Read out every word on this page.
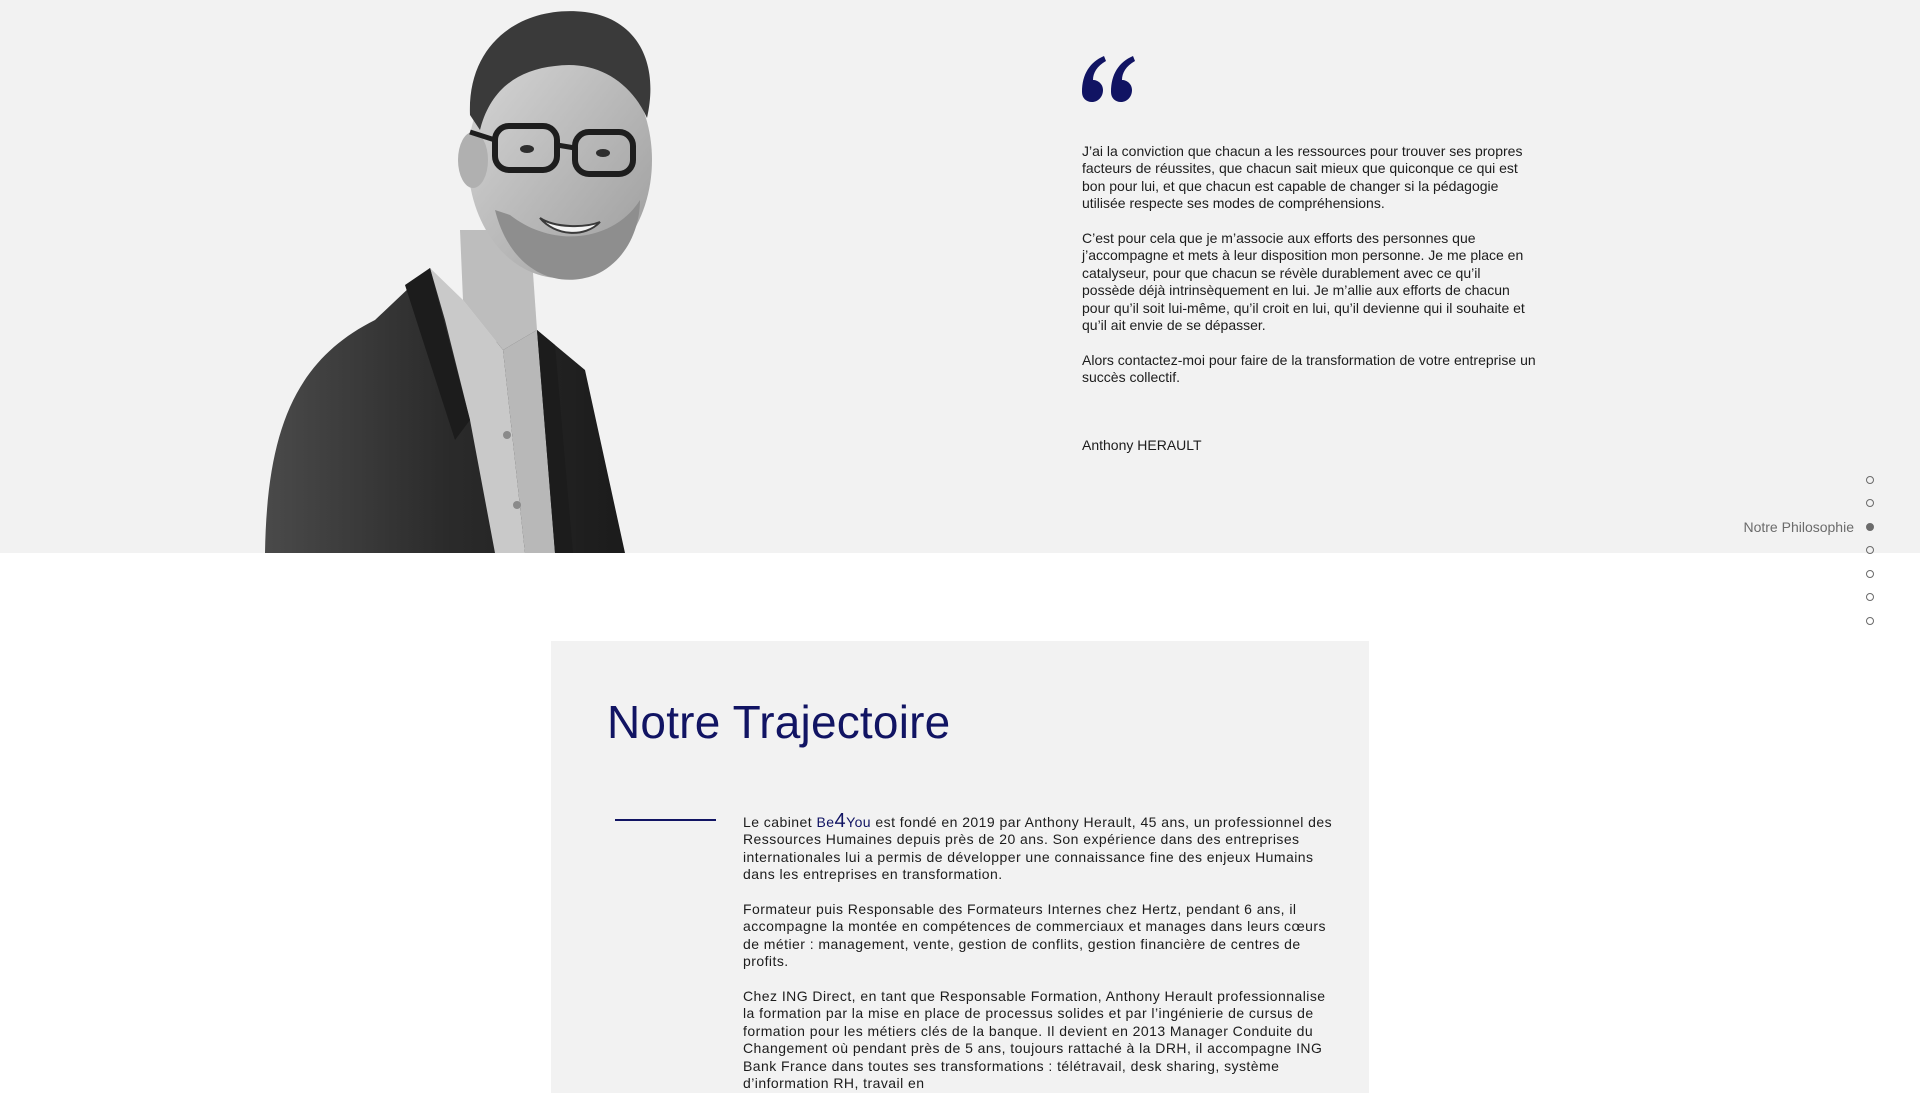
J’ai la conviction que chacun a les ressources pour trouver ses propres facteurs de réussites, que chacun sait mieux que quiconque ce qui est bon pour lui, et que chacun est capable de changer si la pédagogie utilisée respecte ses modes de compréhensions.

C’est pour cela que je m’associe aux efforts des personnes que j’accompagne et mets à leur disposition mon personne. Je me place en catalyseur, pour que chacun se révèle durablement avec ce qu’il possède déjà intrinsèquement en lui. Je m’allie aux efforts de chacun pour qu’il soit lui-même, qu’il croit en lui, qu’il devienne qui il souhaite et qu’il ait envie de se dépasser.

Alors contactez-moi pour faire de la transformation de votre entreprise un succès collectif.

Anthony HERAULT
Notre Philosophie
Notre Trajectoire

Le cabinet Be4You est fondé en 2019 par Anthony Herault, 45 ans, un professionnel des Ressources Humaines depuis près de 20 ans. Son expérience dans des entreprises internationales lui a permis de développer une connaissance fine des enjeux Humains dans les entreprises en transformation.

Formateur puis Responsable des Formateurs Internes chez Hertz, pendant 6 ans, il accompagne la montée en compétences de commerciaux et manages dans leurs cœurs de métier : management, vente, gestion de conflits, gestion financière de centres de profits.

Chez ING Direct, en tant que Responsable Formation, Anthony Herault professionnalise la formation par la mise en place de processus solides et par l’ingénierie de cursus de formation pour les métiers clés de la banque. Il devient en 2013 Manager Conduite du Changement où pendant près de 5 ans, toujours rattaché à la DRH, il accompagne ING Bank France dans toutes ses transformations : télétravail, desk sharing, système d’information RH, travail en
